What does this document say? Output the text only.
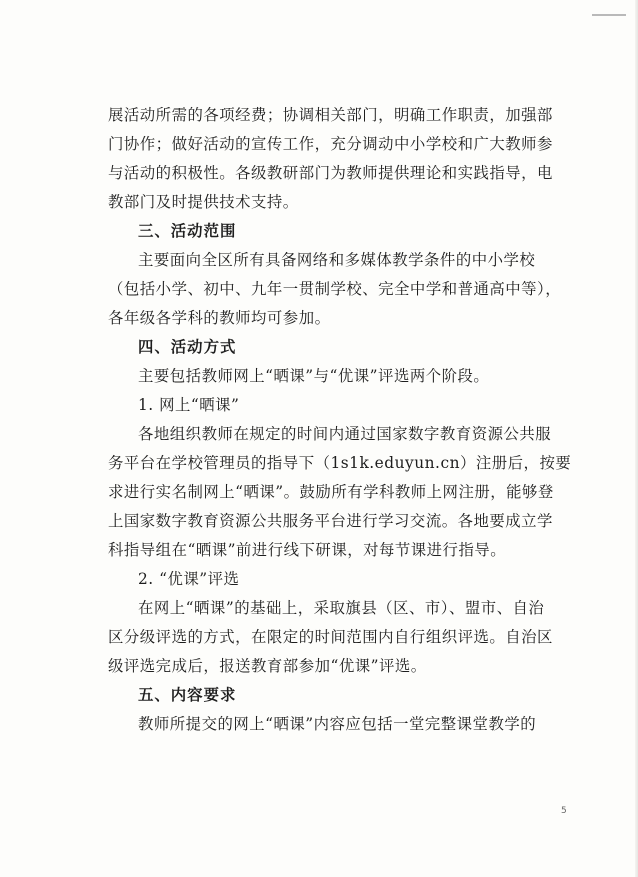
展活动所需的各项经费；协调相关部门，明确工作职责，加强部
门协作；做好活动的宣传工作，充分调动中小学校和广大教师参
与活动的积极性。各级教研部门为教师提供理论和实践指导，电
教部门及时提供技术支持。
三、活动范围
主要面向全区所有具备网络和多媒体教学条件的中小学校
（包括小学、初中、九年一贯制学校、完全中学和普通高中等），
各年级各学科的教师均可参加。
四、活动方式
主要包括教师网上“晒课”与“优课”评选两个阶段。
1. 网上“晒课”
各地组织教师在规定的时间内通过国家数字教育资源公共服
务平台在学校管理员的指导下（1s1k.eduyun.cn）注册后，按要
求进行实名制网上“晒课”。鼓励所有学科教师上网注册，能够登
上国家数字教育资源公共服务平台进行学习交流。各地要成立学
科指导组在“晒课”前进行线下研课，对每节课进行指导。
2. “优课”评选
在网上“晒课”的基础上，采取旗县（区、市）、盟市、自治
区分级评选的方式，在限定的时间范围内自行组织评选。自治区
级评选完成后，报送教育部参加“优课”评选。
五、内容要求
教师所提交的网上“晒课”内容应包括一堂完整课堂教学的
5
